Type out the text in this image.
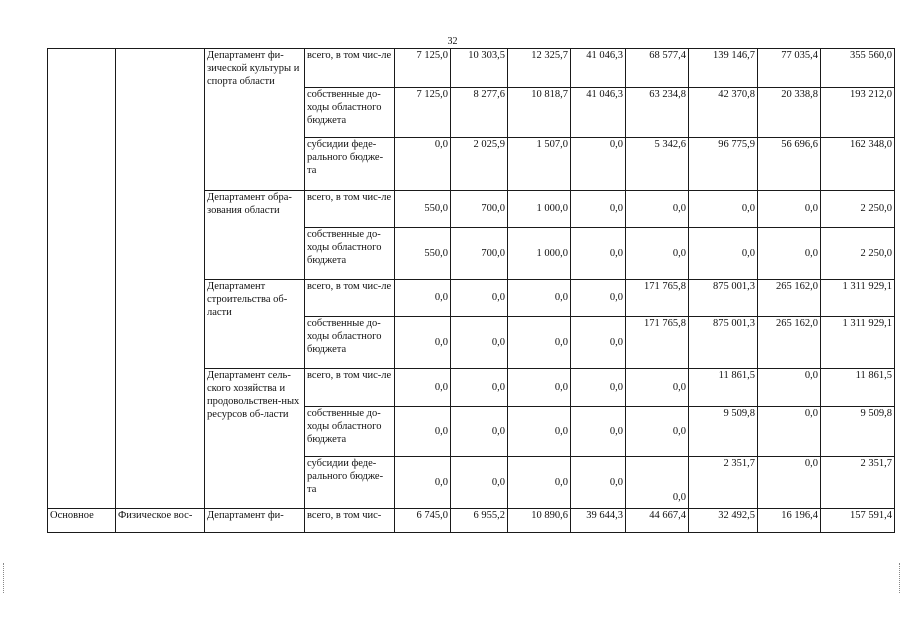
32
		Департамент фи-зической культуры и спорта области	всего, в том чис-ле	7 125,0	10 303,5	12 325,7	41 046,3	68 577,4	139 146,7	77 035,4	355 560,0
			собственные до-ходы областного бюджета	7 125,0	8 277,6	10 818,7	41 046,3	63 234,8	42 370,8	20 338,8	193 212,0
			субсидии феде-рального бюдже-та	0,0	2 025,9	1 507,0	0,0	5 342,6	96 775,9	56 696,6	162 348,0
		Департамент обра-зования области	всего, в том чис-ле	550,0	700,0	1 000,0	0,0	0,0	0,0	0,0	2 250,0
			собственные до-ходы областного бюджета	550,0	700,0	1 000,0	0,0	0,0	0,0	0,0	2 250,0
		Департамент строительства об-ласти	всего, в том чис-ле	0,0	0,0	0,0	0,0	171 765,8	875 001,3	265 162,0	1 311 929,1
			собственные до-ходы областного бюджета	0,0	0,0	0,0	0,0	171 765,8	875 001,3	265 162,0	1 311 929,1
		Департамент сель-ского хозяйства и продовольствен-ных ресурсов об-ласти	всего, в том чис-ле	0,0	0,0	0,0	0,0	0,0	11 861,5	0,0	11 861,5
			собственные до-ходы областного бюджета	0,0	0,0	0,0	0,0	0,0	9 509,8	0,0	9 509,8
			субсидии феде-рального бюдже-та	0,0	0,0	0,0	0,0	0,0	2 351,7	0,0	2 351,7
Основное	Физическое вос-	Департамент фи-	всего, в том чис-	6 745,0	6 955,2	10 890,6	39 644,3	44 667,4	32 492,5	16 196,4	157 591,4
